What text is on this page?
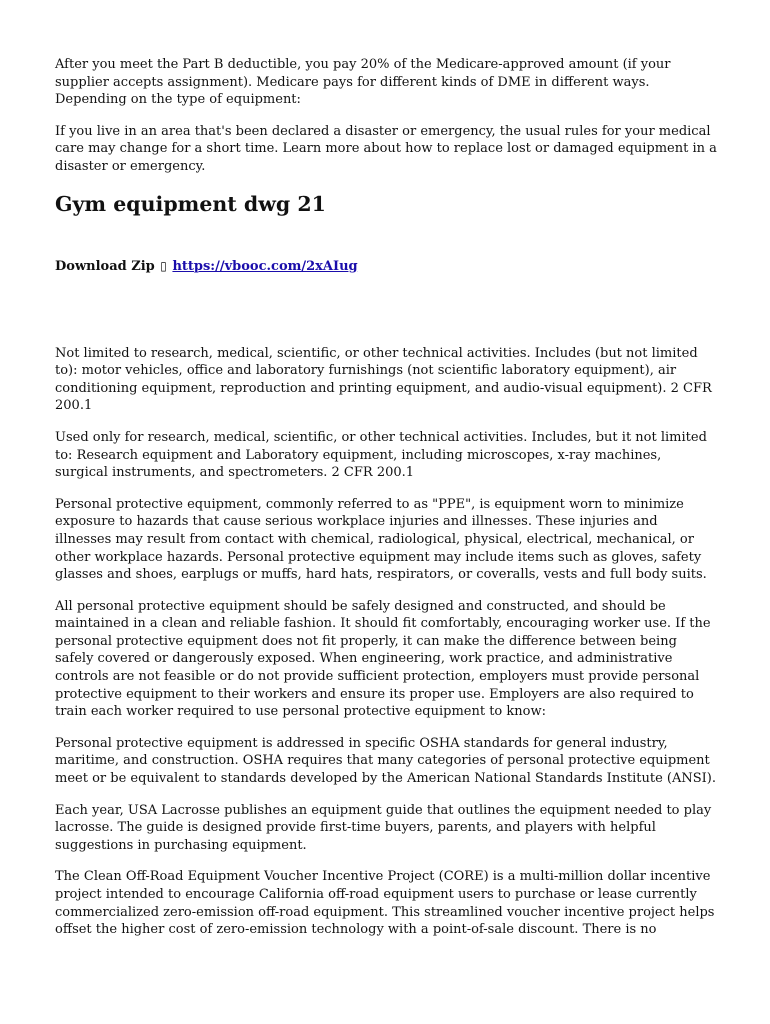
After you meet the Part B deductible, you pay 20% of the Medicare-approved amount (if your supplier accepts assignment). Medicare pays for different kinds of DME in different ways. Depending on the type of equipment:

If you live in an area that's been declared a disaster or emergency, the usual rules for your medical care may change for a short time. Learn more about how to replace lost or damaged equipment in a disaster or emergency.

Gym equipment dwg 21
Download Zip ▯ https://vbooc.com/2xAIug

Not limited to research, medical, scientific, or other technical activities. Includes (but not limited to): motor vehicles, office and laboratory furnishings (not scientific laboratory equipment), air conditioning equipment, reproduction and printing equipment, and audio-visual equipment). 2 CFR 200.1

Used only for research, medical, scientific, or other technical activities. Includes, but it not limited to: Research equipment and Laboratory equipment, including microscopes, x-ray machines, surgical instruments, and spectrometers. 2 CFR 200.1

Personal protective equipment, commonly referred to as "PPE", is equipment worn to minimize exposure to hazards that cause serious workplace injuries and illnesses. These injuries and illnesses may result from contact with chemical, radiological, physical, electrical, mechanical, or other workplace hazards. Personal protective equipment may include items such as gloves, safety glasses and shoes, earplugs or muffs, hard hats, respirators, or coveralls, vests and full body suits.

All personal protective equipment should be safely designed and constructed, and should be maintained in a clean and reliable fashion. It should fit comfortably, encouraging worker use. If the personal protective equipment does not fit properly, it can make the difference between being safely covered or dangerously exposed. When engineering, work practice, and administrative controls are not feasible or do not provide sufficient protection, employers must provide personal protective equipment to their workers and ensure its proper use. Employers are also required to train each worker required to use personal protective equipment to know:

Personal protective equipment is addressed in specific OSHA standards for general industry, maritime, and construction. OSHA requires that many categories of personal protective equipment meet or be equivalent to standards developed by the American National Standards Institute (ANSI).

Each year, USA Lacrosse publishes an equipment guide that outlines the equipment needed to play lacrosse. The guide is designed provide first-time buyers, parents, and players with helpful suggestions in purchasing equipment.

The Clean Off-Road Equipment Voucher Incentive Project (CORE) is a multi-million dollar incentive project intended to encourage California off-road equipment users to purchase or lease currently commercialized zero-emission off-road equipment. This streamlined voucher incentive project helps offset the higher cost of zero-emission technology with a point-of-sale discount. There is no
